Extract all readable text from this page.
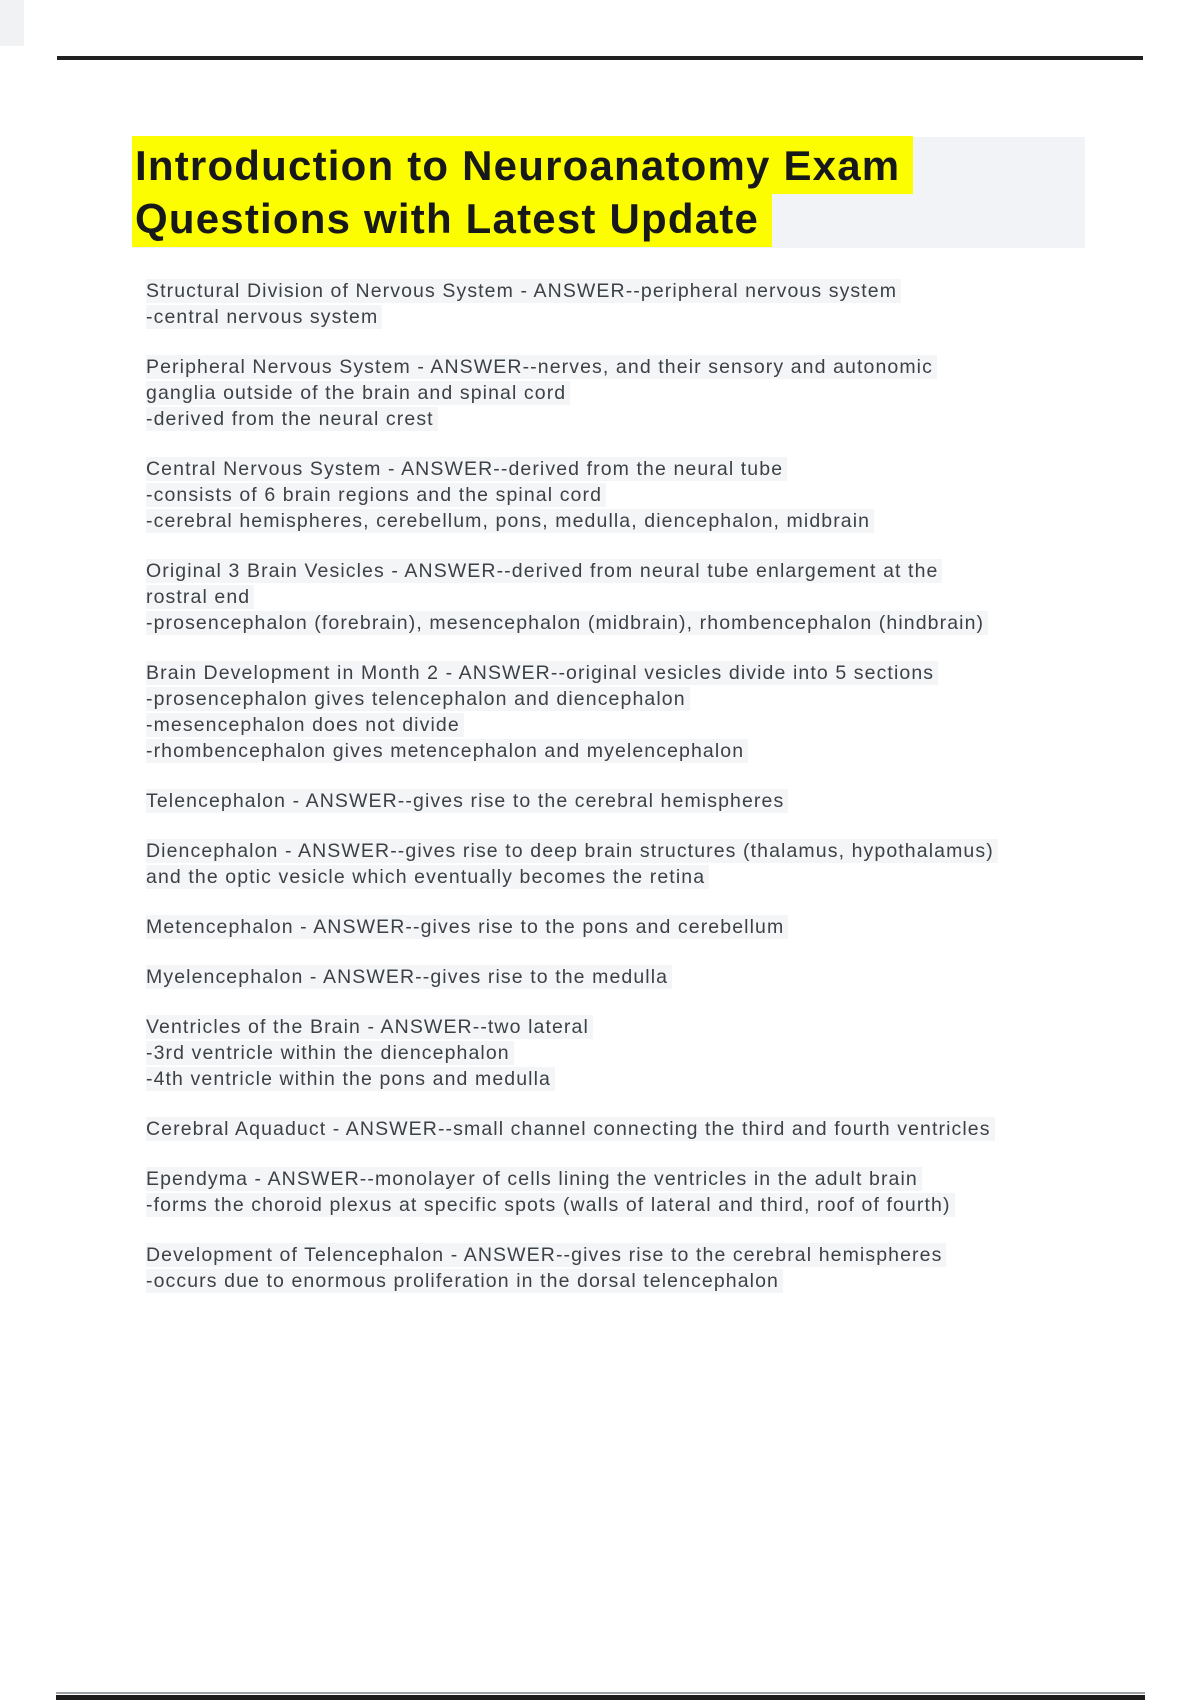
Introduction to Neuroanatomy Exam
Questions with Latest Update

Structural Division of Nervous System - ANSWER--peripheral nervous system
-central nervous system

Peripheral Nervous System - ANSWER--nerves, and their sensory and autonomic
ganglia outside of the brain and spinal cord
-derived from the neural crest

Central Nervous System - ANSWER--derived from the neural tube
-consists of 6 brain regions and the spinal cord
-cerebral hemispheres, cerebellum, pons, medulla, diencephalon, midbrain

Original 3 Brain Vesicles - ANSWER--derived from neural tube enlargement at the
rostral end
-prosencephalon (forebrain), mesencephalon (midbrain), rhombencephalon (hindbrain)

Brain Development in Month 2 - ANSWER--original vesicles divide into 5 sections
-prosencephalon gives telencephalon and diencephalon
-mesencephalon does not divide
-rhombencephalon gives metencephalon and myelencephalon

Telencephalon - ANSWER--gives rise to the cerebral hemispheres

Diencephalon - ANSWER--gives rise to deep brain structures (thalamus, hypothalamus)
and the optic vesicle which eventually becomes the retina

Metencephalon - ANSWER--gives rise to the pons and cerebellum

Myelencephalon - ANSWER--gives rise to the medulla

Ventricles of the Brain - ANSWER--two lateral
-3rd ventricle within the diencephalon
-4th ventricle within the pons and medulla

Cerebral Aquaduct - ANSWER--small channel connecting the third and fourth ventricles

Ependyma - ANSWER--monolayer of cells lining the ventricles in the adult brain
-forms the choroid plexus at specific spots (walls of lateral and third, roof of fourth)

Development of Telencephalon - ANSWER--gives rise to the cerebral hemispheres
-occurs due to enormous proliferation in the dorsal telencephalon
